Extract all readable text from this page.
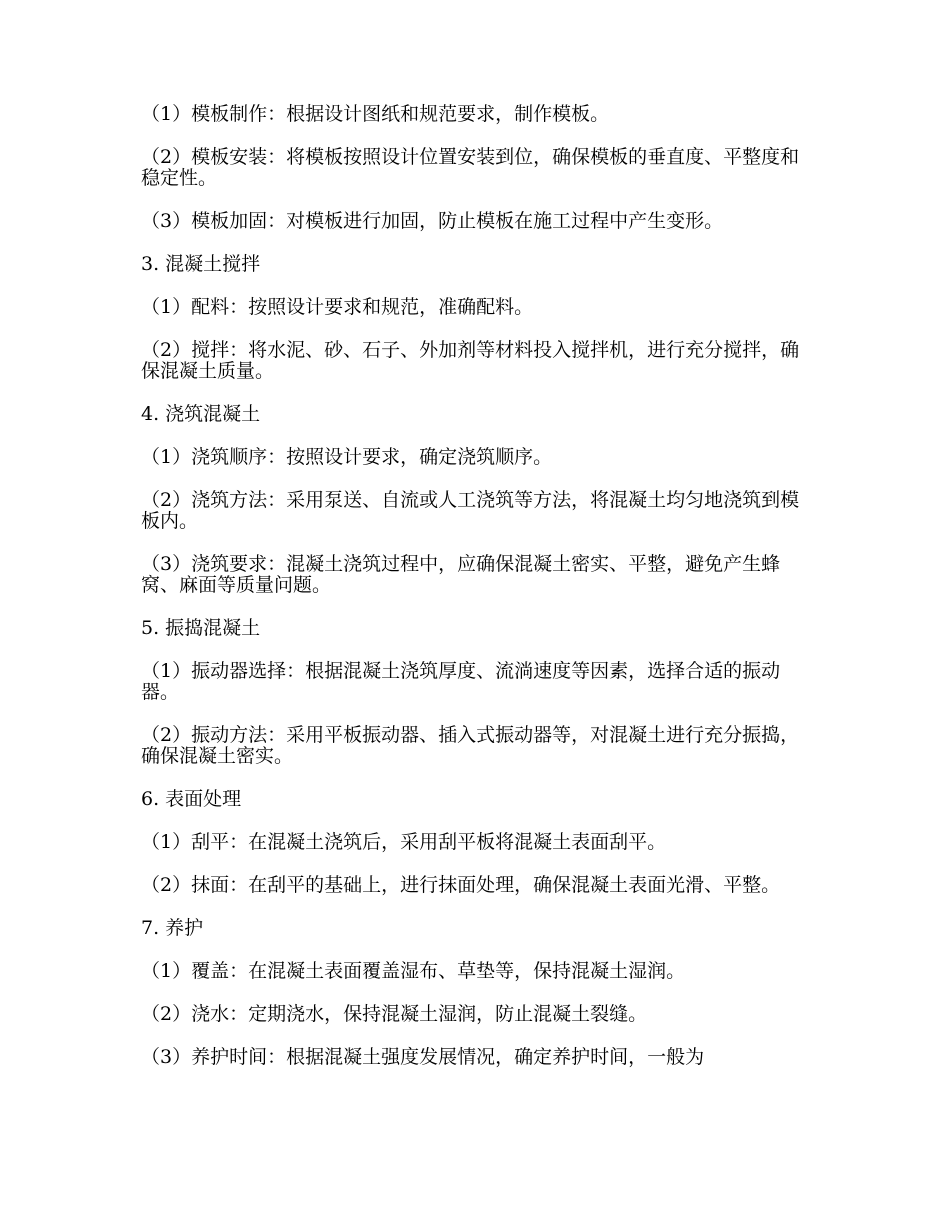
（1）模板制作：根据设计图纸和规范要求，制作模板。

（2）模板安装：将模板按照设计位置安装到位，确保模板的垂直度、平整度和稳定性。

（3）模板加固：对模板进行加固，防止模板在施工过程中产生变形。

3. 混凝土搅拌

（1）配料：按照设计要求和规范，准确配料。

（2）搅拌：将水泥、砂、石子、外加剂等材料投入搅拌机，进行充分搅拌，确保混凝土质量。

4. 浇筑混凝土

（1）浇筑顺序：按照设计要求，确定浇筑顺序。

（2）浇筑方法：采用泵送、自流或人工浇筑等方法，将混凝土均匀地浇筑到模板内。

（3）浇筑要求：混凝土浇筑过程中，应确保混凝土密实、平整，避免产生蜂窝、麻面等质量问题。

5. 振捣混凝土

（1）振动器选择：根据混凝土浇筑厚度、流淌速度等因素，选择合适的振动器。

（2）振动方法：采用平板振动器、插入式振动器等，对混凝土进行充分振捣，确保混凝土密实。

6. 表面处理

（1）刮平：在混凝土浇筑后，采用刮平板将混凝土表面刮平。

（2）抹面：在刮平的基础上，进行抹面处理，确保混凝土表面光滑、平整。

7. 养护

（1）覆盖：在混凝土表面覆盖湿布、草垫等，保持混凝土湿润。

（2）浇水：定期浇水，保持混凝土湿润，防止混凝土裂缝。

（3）养护时间：根据混凝土强度发展情况，确定养护时间，一般为
